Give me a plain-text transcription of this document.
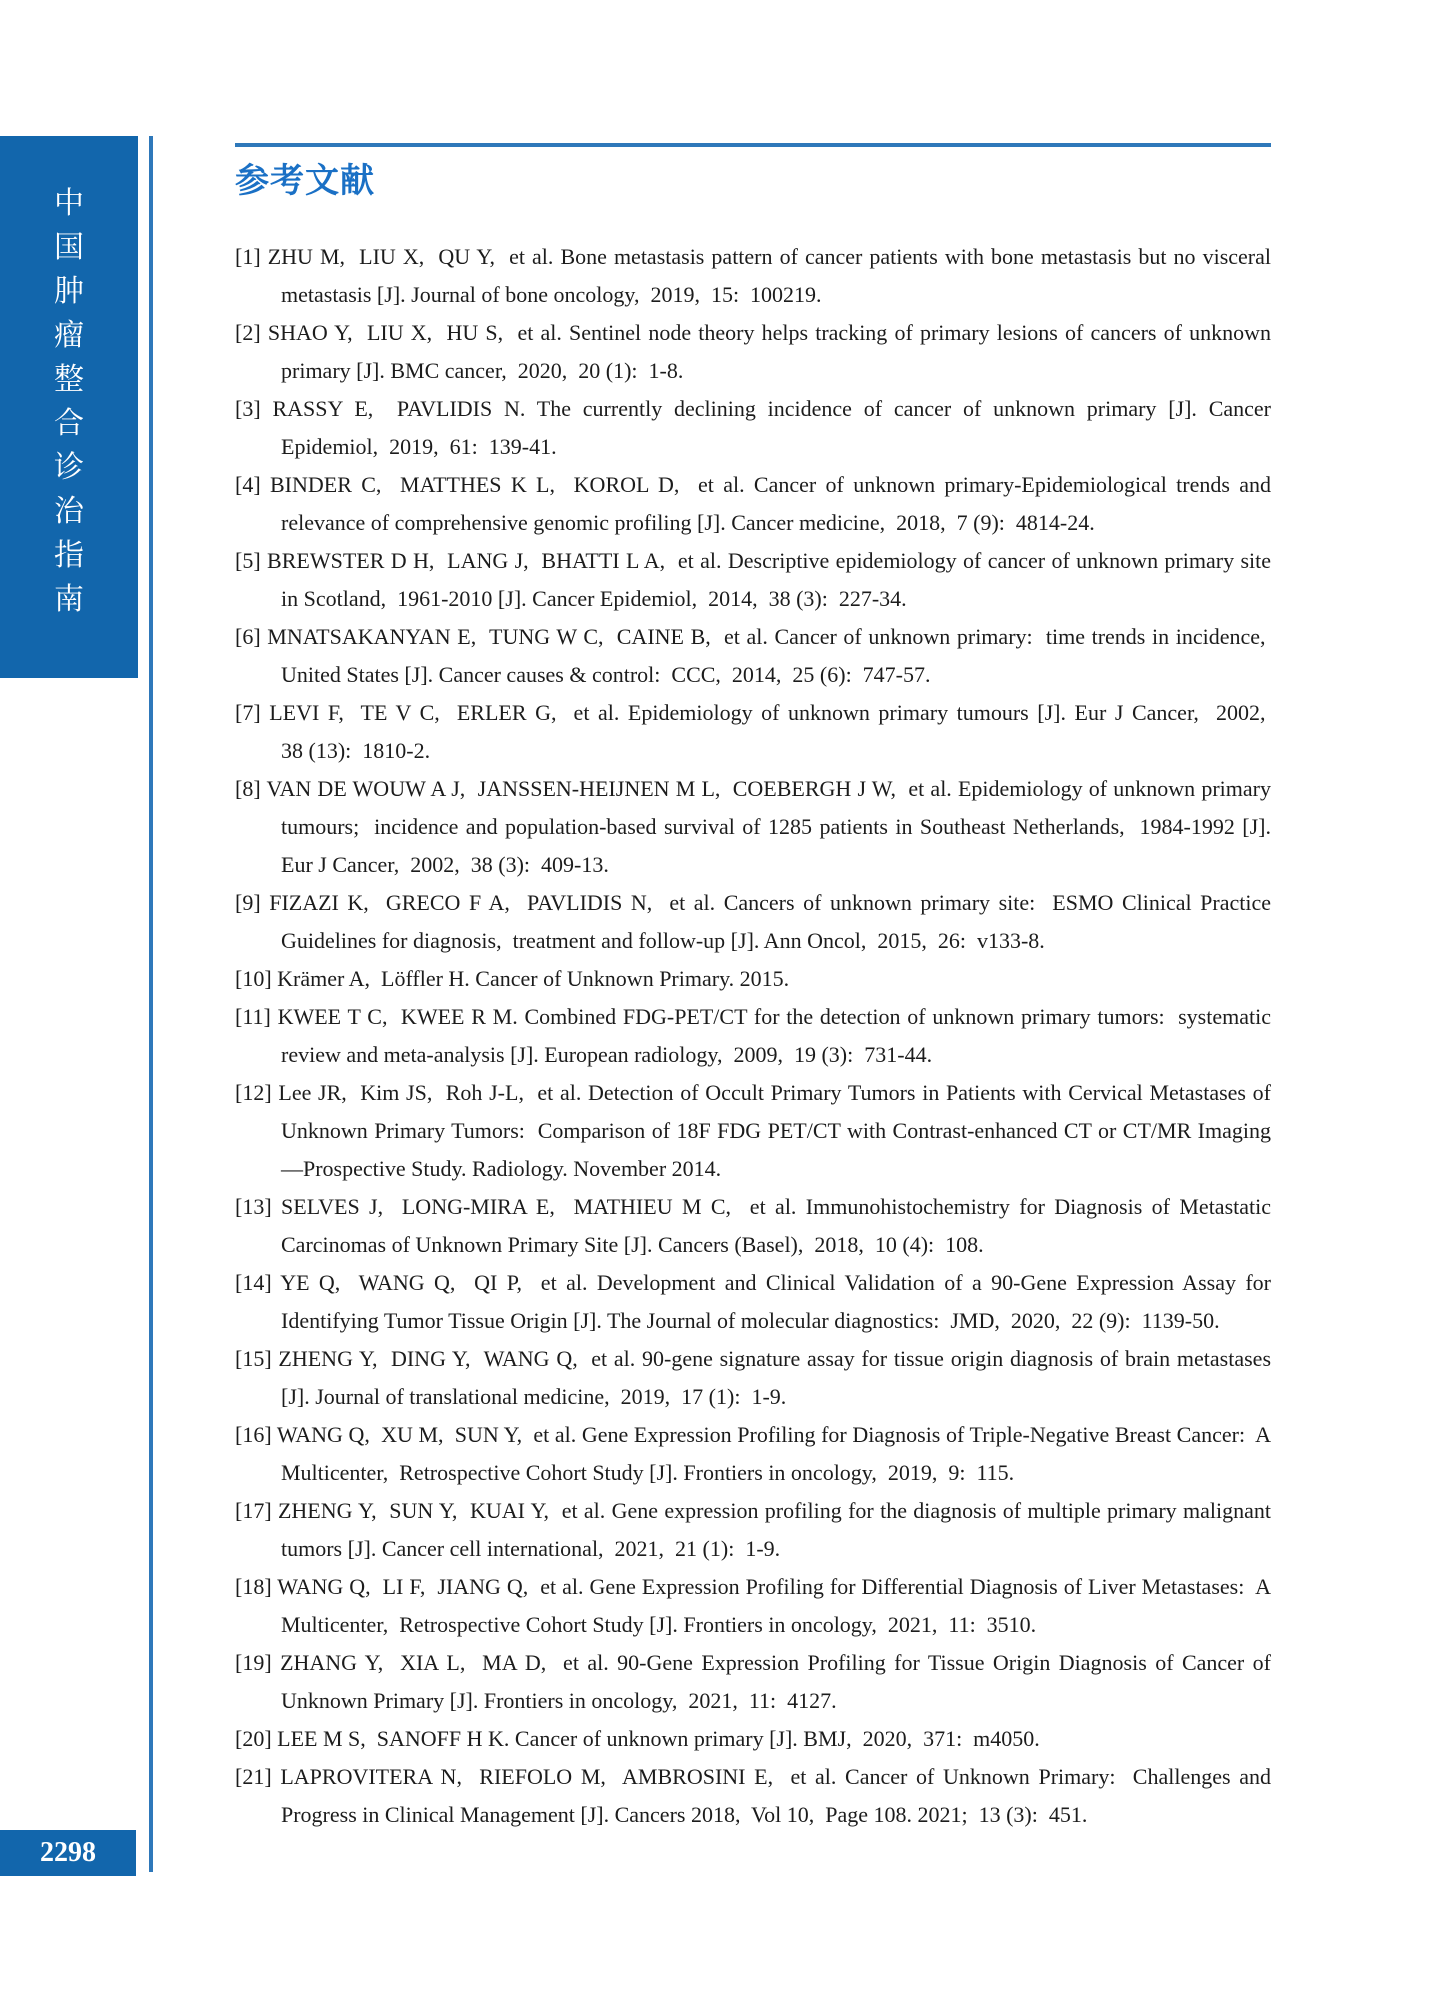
中
国
肿
瘤
整
合
诊
治
指
南
2298
参考文献
[1] ZHU M,  LIU X,  QU Y,  et al. Bone metastasis pattern of cancer patients with bone metastasis but no visceral metastasis [J]. Journal of bone oncology,  2019,  15:  100219.
[2] SHAO Y,  LIU X,  HU S,  et al. Sentinel node theory helps tracking of primary lesions of cancers of unknown primary [J]. BMC cancer,  2020,  20 (1):  1-8.
[3] RASSY E,  PAVLIDIS N. The currently declining incidence of cancer of unknown primary [J]. Cancer Epidemiol,  2019,  61:  139-41.
[4] BINDER C,  MATTHES K L,  KOROL D,  et al. Cancer of unknown primary-Epidemiological trends and relevance of comprehensive genomic profiling [J]. Cancer medicine,  2018,  7 (9):  4814-24.
[5] BREWSTER D H,  LANG J,  BHATTI L A,  et al. Descriptive epidemiology of cancer of unknown primary site in Scotland,  1961-2010 [J]. Cancer Epidemiol,  2014,  38 (3):  227-34.
[6] MNATSAKANYAN E,  TUNG W C,  CAINE B,  et al. Cancer of unknown primary:  time trends in incidence,  United States [J]. Cancer causes & control:  CCC,  2014,  25 (6):  747-57.
[7] LEVI F,  TE V C,  ERLER G,  et al. Epidemiology of unknown primary tumours [J]. Eur J Cancer,  2002,  38 (13):  1810-2.
[8] VAN DE WOUW A J,  JANSSEN-HEIJNEN M L,  COEBERGH J W,  et al. Epidemiology of unknown primary tumours;  incidence and population-based survival of 1285 patients in Southeast Netherlands,  1984-1992 [J]. Eur J Cancer,  2002,  38 (3):  409-13.
[9] FIZAZI K,  GRECO F A,  PAVLIDIS N,  et al. Cancers of unknown primary site:  ESMO Clinical Practice Guidelines for diagnosis,  treatment and follow-up [J]. Ann Oncol,  2015,  26:  v133-8.
[10] Krämer A,  Löffler H. Cancer of Unknown Primary. 2015.
[11] KWEE T C,  KWEE R M. Combined FDG-PET/CT for the detection of unknown primary tumors:  systematic review and meta-analysis [J]. European radiology,  2009,  19 (3):  731-44.
[12] Lee JR,  Kim JS,  Roh J-L,  et al. Detection of Occult Primary Tumors in Patients with Cervical Metastases of Unknown Primary Tumors:  Comparison of 18F FDG PET/CT with Contrast-enhanced CT or CT/MR Imaging—Prospective Study. Radiology. November 2014.
[13] SELVES J,  LONG-MIRA E,  MATHIEU M C,  et al. Immunohistochemistry for Diagnosis of Metastatic Carcinomas of Unknown Primary Site [J]. Cancers (Basel),  2018,  10 (4):  108.
[14] YE Q,  WANG Q,  QI P,  et al. Development and Clinical Validation of a 90-Gene Expression Assay for Identifying Tumor Tissue Origin [J]. The Journal of molecular diagnostics:  JMD,  2020,  22 (9):  1139-50.
[15] ZHENG Y,  DING Y,  WANG Q,  et al. 90-gene signature assay for tissue origin diagnosis of brain metastases [J]. Journal of translational medicine,  2019,  17 (1):  1-9.
[16] WANG Q,  XU M,  SUN Y,  et al. Gene Expression Profiling for Diagnosis of Triple-Negative Breast Cancer:  A Multicenter,  Retrospective Cohort Study [J]. Frontiers in oncology,  2019,  9:  115.
[17] ZHENG Y,  SUN Y,  KUAI Y,  et al. Gene expression profiling for the diagnosis of multiple primary malignant tumors [J]. Cancer cell international,  2021,  21 (1):  1-9.
[18] WANG Q,  LI F,  JIANG Q,  et al. Gene Expression Profiling for Differential Diagnosis of Liver Metastases:  A Multicenter,  Retrospective Cohort Study [J]. Frontiers in oncology,  2021,  11:  3510.
[19] ZHANG Y,  XIA L,  MA D,  et al. 90-Gene Expression Profiling for Tissue Origin Diagnosis of Cancer of Unknown Primary [J]. Frontiers in oncology,  2021,  11:  4127.
[20] LEE M S,  SANOFF H K. Cancer of unknown primary [J]. BMJ,  2020,  371:  m4050.
[21] LAPROVITERA N,  RIEFOLO M,  AMBROSINI E,  et al. Cancer of Unknown Primary:  Challenges and Progress in Clinical Management [J]. Cancers 2018,  Vol 10,  Page 108. 2021;  13 (3):  451.
